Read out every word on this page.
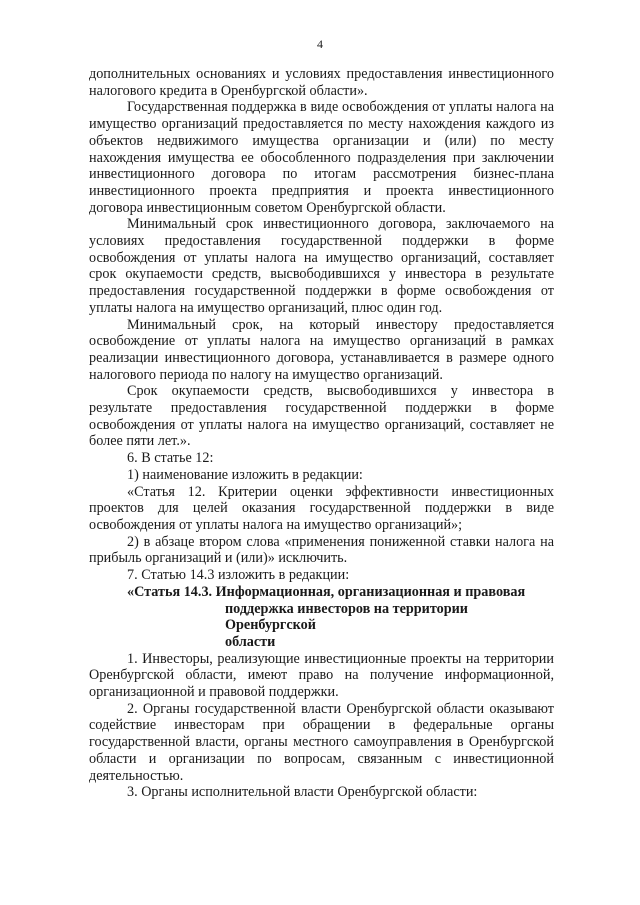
4

дополнительных основаниях и условиях предоставления инвестиционного налогового кредита в Оренбургской области».

Государственная поддержка в виде освобождения от уплаты налога на имущество организаций предоставляется по месту нахождения каждого из объектов недвижимого имущества организации и (или) по месту нахождения имущества ее обособленного подразделения при заключении инвестиционного договора по итогам рассмотрения бизнес-плана инвестиционного проекта предприятия и проекта инвестиционного договора инвестиционным советом Оренбургской области.

Минимальный срок инвестиционного договора, заключаемого на условиях предоставления государственной поддержки в форме освобождения от уплаты налога на имущество организаций, составляет срок окупаемости средств, высвободившихся у инвестора в результате предоставления государственной поддержки в форме освобождения от уплаты налога на имущество организаций, плюс один год.

Минимальный срок, на который инвестору предоставляется освобождение от уплаты налога на имущество организаций в рамках реализации инвестиционного договора, устанавливается в размере одного налогового периода по налогу на имущество организаций.

Срок окупаемости средств, высвободившихся у инвестора в результате предоставления государственной поддержки в форме освобождения от уплаты налога на имущество организаций, составляет не более пяти лет.».

6. В статье 12:

1) наименование изложить в редакции:

«Статья 12. Критерии оценки эффективности инвестиционных проектов для целей оказания государственной поддержки в виде освобождения от уплаты налога на имущество организаций»;

2) в абзаце втором слова «применения пониженной ставки налога на прибыль организаций и (или)» исключить.

7. Статью 14.3 изложить в редакции:

«Статья 14.3. Информационная, организационная и правовая

поддержка инвесторов на территории Оренбургской

области

1. Инвесторы, реализующие инвестиционные проекты на территории Оренбургской области, имеют право на получение информационной, организационной и правовой поддержки.

2. Органы государственной власти Оренбургской области оказывают содействие инвесторам при обращении в федеральные органы государственной власти, органы местного самоуправления в Оренбургской области и организации по вопросам, связанным с инвестиционной деятельностью.

3. Органы исполнительной власти Оренбургской области:
